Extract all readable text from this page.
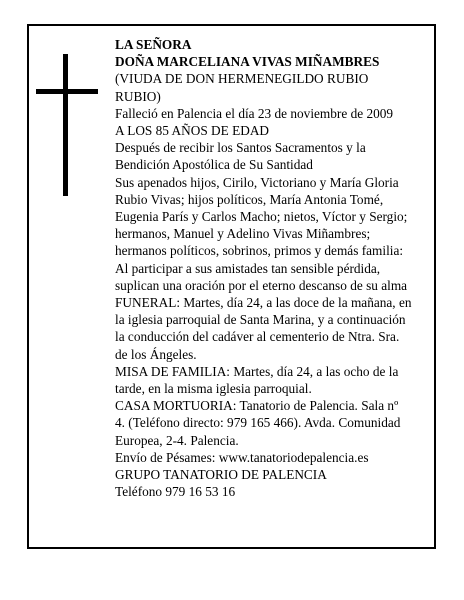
LA SEÑORA
DOÑA MARCELIANA VIVAS MIÑAMBRES
(VIUDA DE DON HERMENEGILDO RUBIO
RUBIO)
Falleció en Palencia el día 23 de noviembre de 2009
A LOS 85 AÑOS DE EDAD
Después de recibir los Santos Sacramentos y la
Bendición Apostólica de Su Santidad
Sus apenados hijos, Cirilo, Victoriano y María Gloria
Rubio Vivas; hijos políticos, María Antonia Tomé,
Eugenia París y Carlos Macho; nietos, Víctor y Sergio;
hermanos, Manuel y Adelino Vivas Miñambres;
hermanos políticos, sobrinos, primos y demás familia:
Al participar a sus amistades tan sensible pérdida,
suplican una oración por el eterno descanso de su alma
FUNERAL: Martes, día 24, a las doce de la mañana, en
la iglesia parroquial de Santa Marina, y a continuación
la conducción del cadáver al cementerio de Ntra. Sra.
de los Ángeles.
MISA DE FAMILIA: Martes, día 24, a las ocho de la
tarde, en la misma iglesia parroquial.
CASA MORTUORIA: Tanatorio de Palencia. Sala nº
4. (Teléfono directo: 979 165 466). Avda. Comunidad
Europea, 2-4. Palencia.
Envío de Pésames: www.tanatoriodepalencia.es
GRUPO TANATORIO DE PALENCIA
Teléfono 979 16 53 16
